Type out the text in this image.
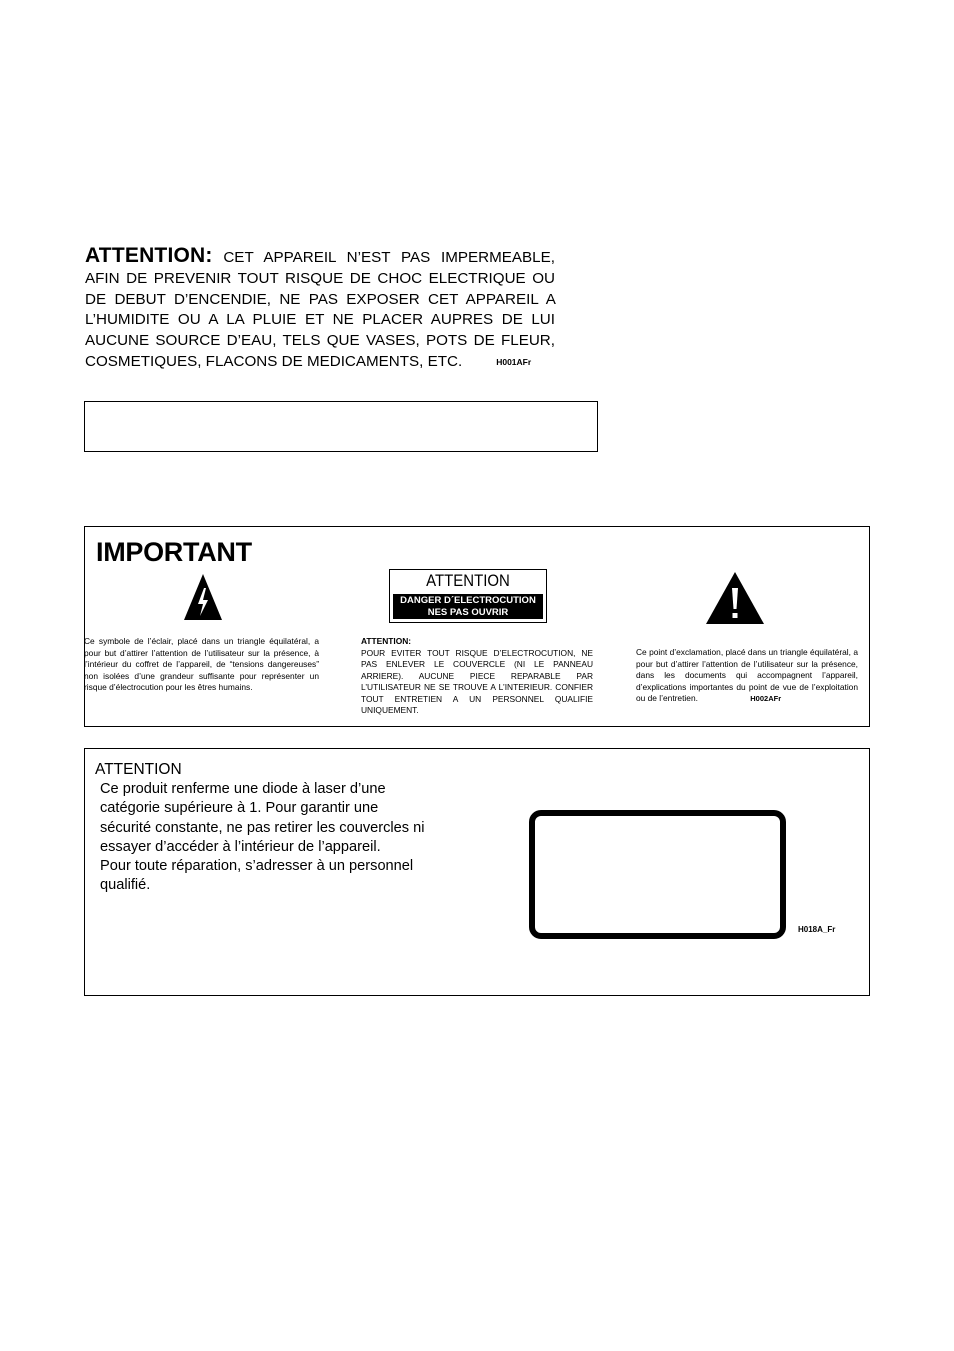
ATTENTION: CET APPAREIL N’EST PAS IMPERMEABLE, AFIN DE PREVENIR TOUT RISQUE DE CHOC ELECTRIQUE OU DE DEBUT D’ENCENDIE, NE PAS EXPOSER CET APPAREIL A L’HUMIDITE OU A LA PLUIE ET NE PLACER AUPRES DE LUI AUCUNE SOURCE D’EAU, TELS QUE VASES, POTS DE FLEUR, COSMETIQUES, FLACONS DE MEDICAMENTS, ETC.	H001AFr
IMPORTANT
ATTENTION
DANGER D´ELECTROCUTION
NES PAS OUVRIR
Ce symbole de l’éclair, placé dans un triangle équilatéral, a pour but d’attirer l’attention de l’utilisateur sur la présence, à l’intérieur du coffret de l’appareil, de “tensions dangereuses” non isolées d’une grandeur suffisante pour représenter un risque d’électrocution pour les êtres humains.
ATTENTION:
POUR EVITER TOUT RISQUE D’ELECTROCUTION, NE PAS ENLEVER LE COUVERCLE (NI LE PANNEAU ARRIERE). AUCUNE PIECE REPARABLE PAR L’UTILISATEUR NE SE TROUVE A L’INTERIEUR. CONFIER TOUT ENTRETIEN A UN PERSONNEL QUALIFIE UNIQUEMENT.
Ce point d’exclamation, placé dans un triangle équilatéral, a pour but d’attirer l’attention de l’utilisateur sur la présence, dans les documents qui accompagnent l’appareil, d’explications importantes du point de vue de l’exploitation ou de l’entretien.	H002AFr
ATTENTION
Ce produit renferme une diode à laser d’une
catégorie supérieure à 1. Pour garantir une
sécurité constante, ne pas retirer les couvercles ni
essayer d’accéder à l’intérieur de l’appareil.
Pour toute réparation, s’adresser à un personnel
qualifié.
H018A_Fr
